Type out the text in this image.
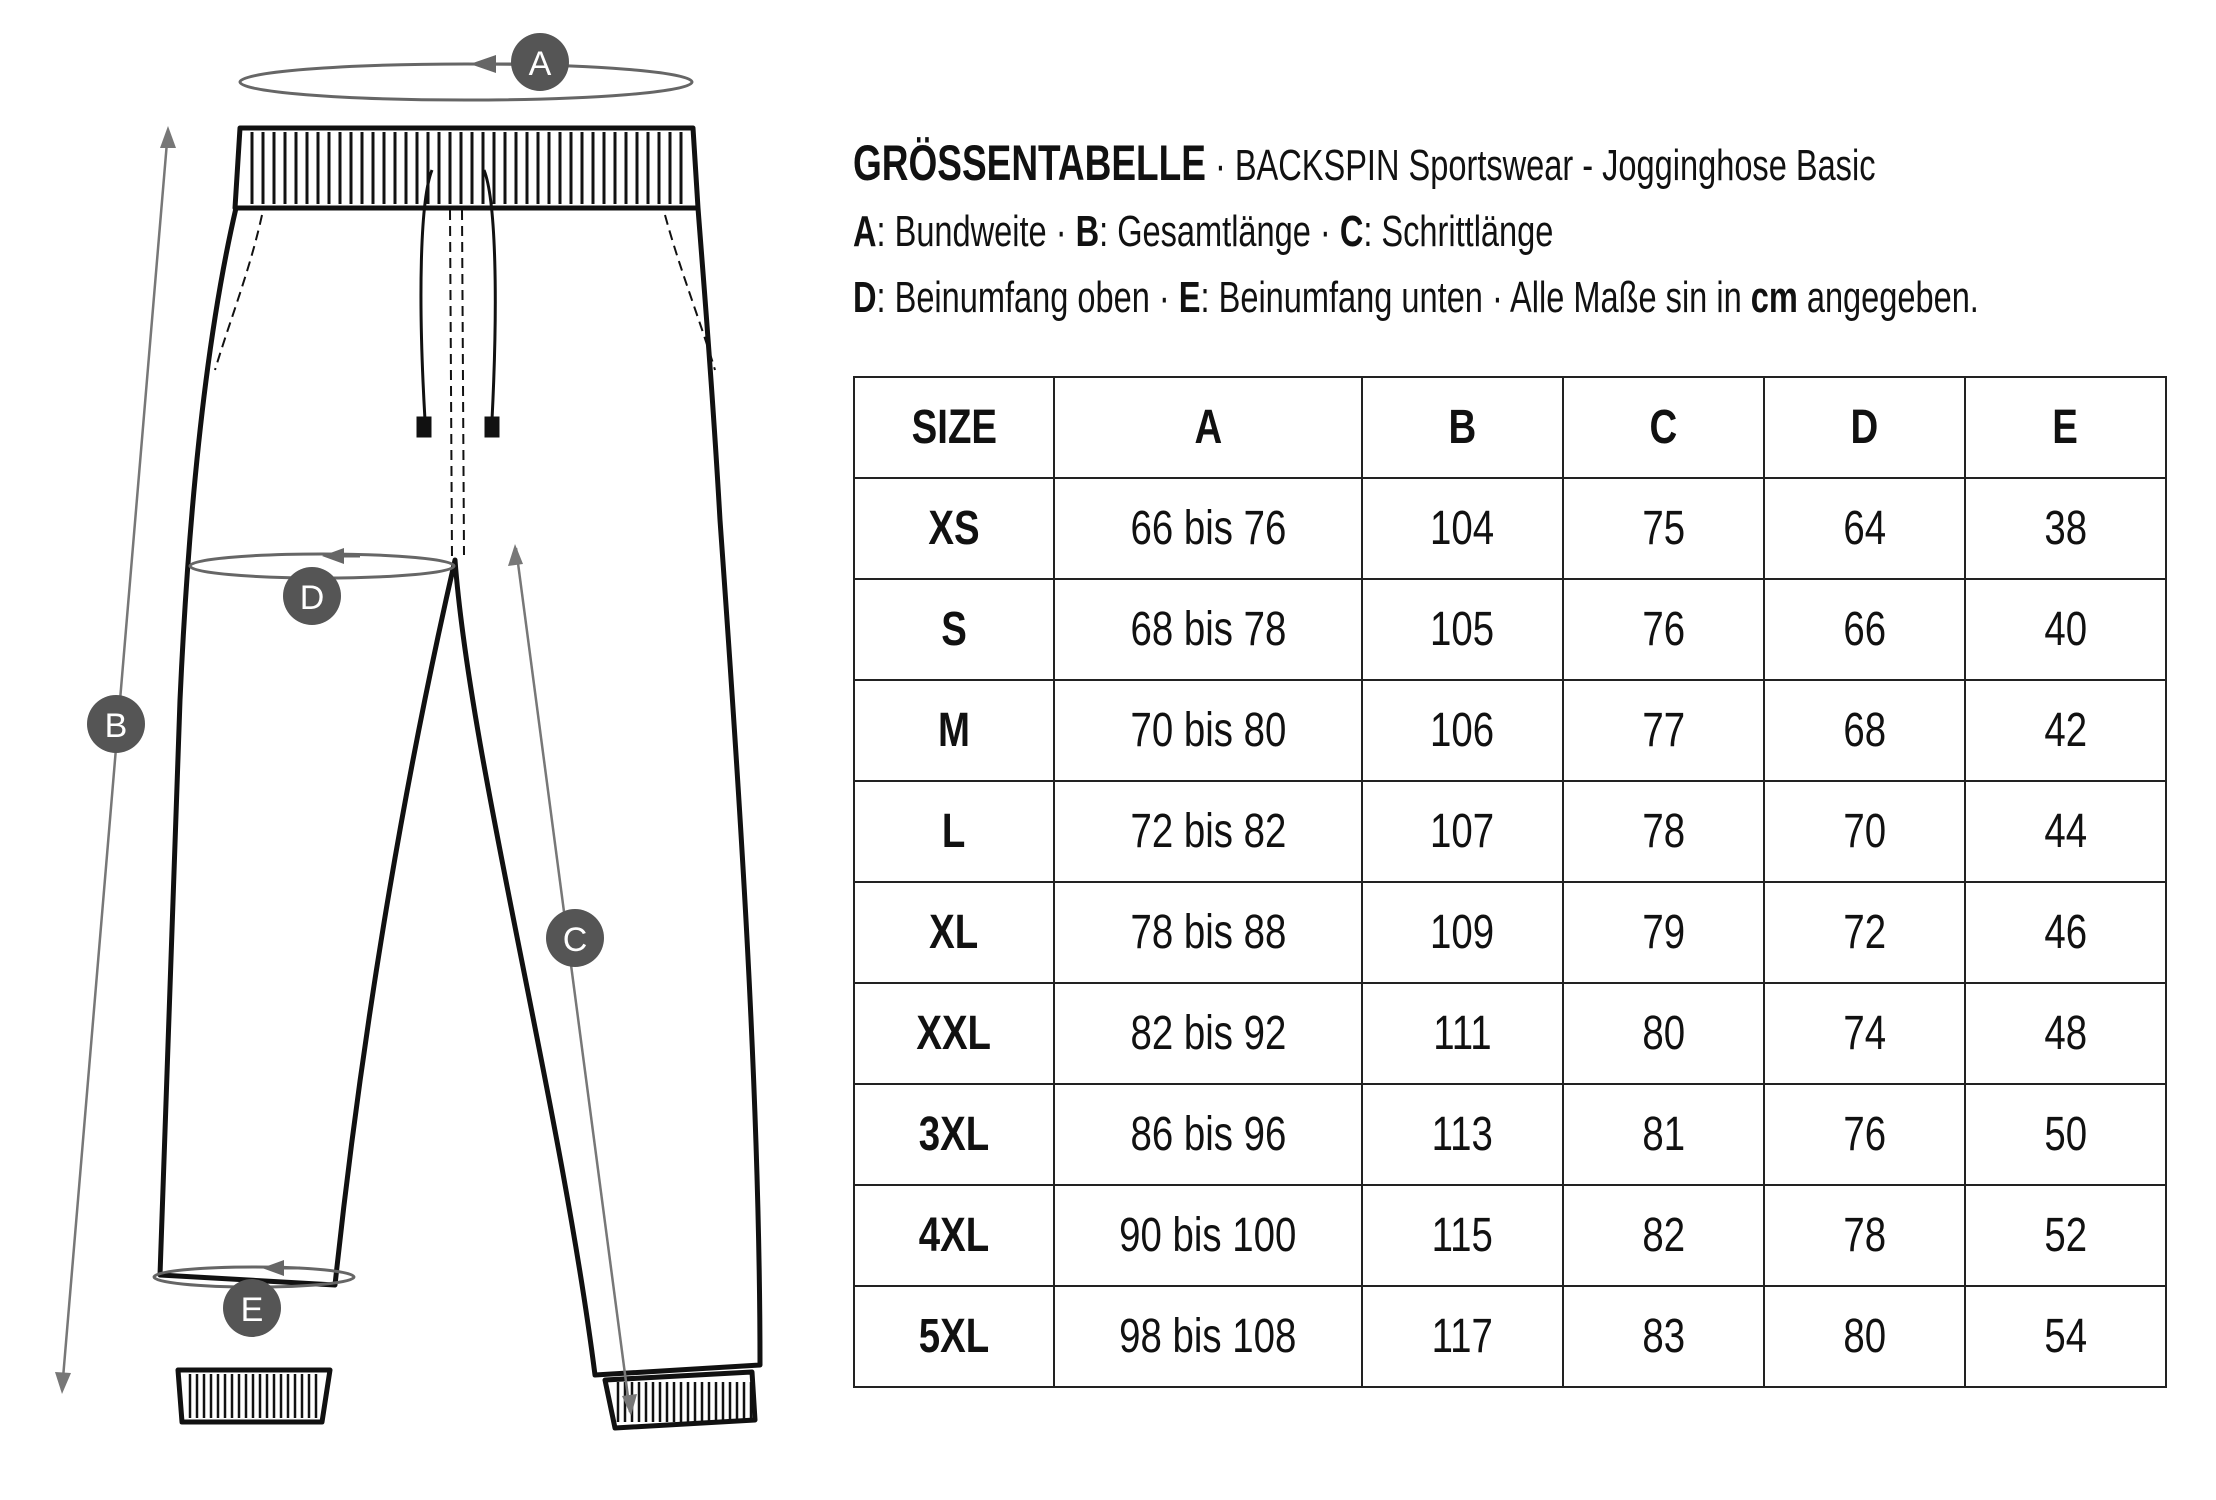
A
B
C
D
E
GRÖSSENTABELLE · BACKSPIN Sportswear - Jogginghose Basic
A: Bundweite · B: Gesamtlänge · C: Schrittlänge
D: Beinumfang oben · E: Beinumfang unten · Alle Maße sin in cm angegeben.
SIZE	A	B	C	D	E
XS	66 bis 76	104	75	64	38
S	68 bis 78	105	76	66	40
M	70 bis 80	106	77	68	42
L	72 bis 82	107	78	70	44
XL	78 bis 88	109	79	72	46
XXL	82 bis 92	111	80	74	48
3XL	86 bis 96	113	81	76	50
4XL	90 bis 100	115	82	78	52
5XL	98 bis 108	117	83	80	54
